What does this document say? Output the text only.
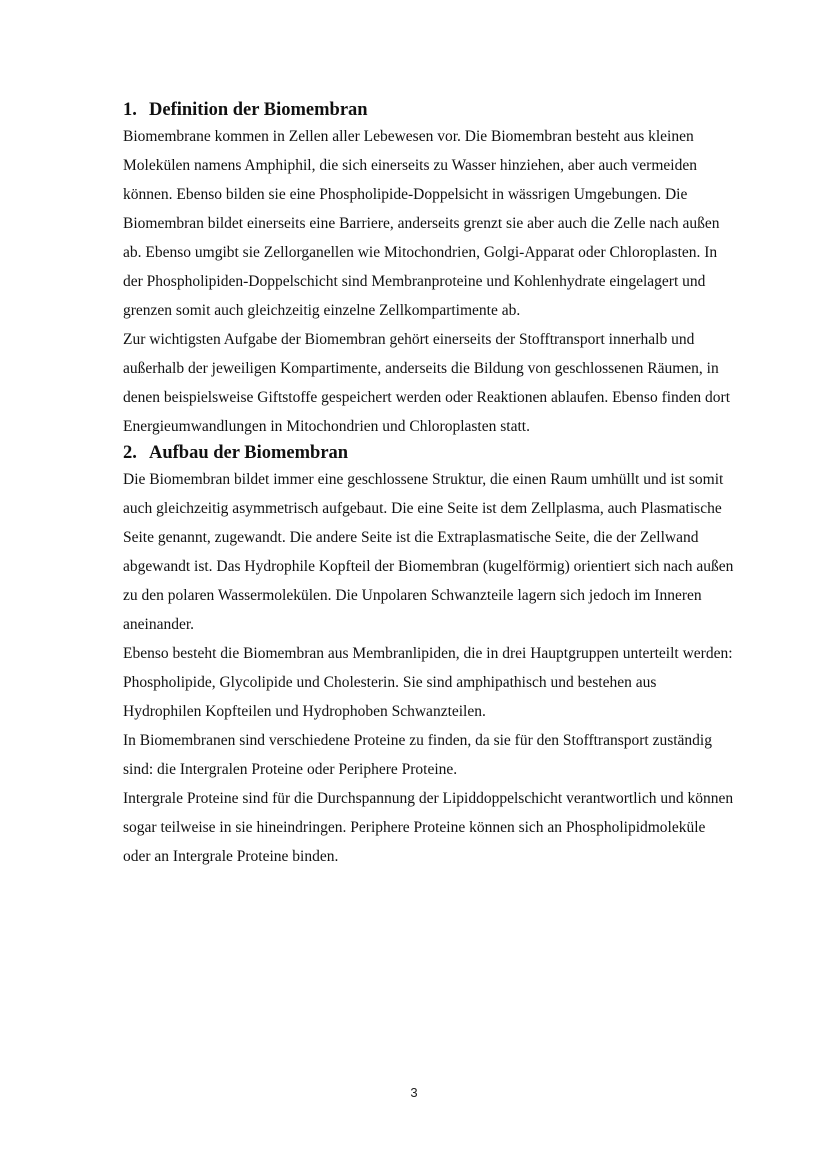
1. Definition der Biomembran

Biomembrane kommen in Zellen aller Lebewesen vor. Die Biomembran besteht aus kleinen Molekülen namens Amphiphil, die sich einerseits zu Wasser hinziehen, aber auch vermeiden können. Ebenso bilden sie eine Phospholipide-Doppelsicht in wässrigen Umgebungen. Die Biomembran bildet einerseits eine Barriere, anderseits grenzt sie aber auch die Zelle nach außen ab. Ebenso umgibt sie Zellorganellen wie Mitochondrien, Golgi-Apparat oder Chloroplasten. In der Phospholipiden-Doppelschicht sind Membranproteine und Kohlenhydrate eingelagert und grenzen somit auch gleichzeitig einzelne Zellkompartimente ab.

Zur wichtigsten Aufgabe der Biomembran gehört einerseits der Stofftransport innerhalb und außerhalb der jeweiligen Kompartimente, anderseits die Bildung von geschlossenen Räumen, in denen beispielsweise Giftstoffe gespeichert werden oder Reaktionen ablaufen. Ebenso finden dort Energieumwandlungen in Mitochondrien und Chloroplasten statt.

2. Aufbau der Biomembran

Die Biomembran bildet immer eine geschlossene Struktur, die einen Raum umhüllt und ist somit auch gleichzeitig asymmetrisch aufgebaut. Die eine Seite ist dem Zellplasma, auch Plasmatische Seite genannt, zugewandt. Die andere Seite ist die Extraplasmatische Seite, die der Zellwand abgewandt ist. Das Hydrophile Kopfteil der Biomembran (kugelförmig) orientiert sich nach außen zu den polaren Wassermolekülen. Die Unpolaren Schwanzteile lagern sich jedoch im Inneren aneinander.

Ebenso besteht die Biomembran aus Membranlipiden, die in drei Hauptgruppen unterteilt werden: Phospholipide, Glycolipide und Cholesterin. Sie sind amphipathisch und bestehen aus Hydrophilen Kopfteilen und Hydrophoben Schwanzteilen.

In Biomembranen sind verschiedene Proteine zu finden, da sie für den Stofftransport zuständig sind: die Intergralen Proteine oder Periphere Proteine.

Intergrale Proteine sind für die Durchspannung der Lipiddoppelschicht verantwortlich und können sogar teilweise in sie hineindringen. Periphere Proteine können sich an Phospholipidmoleküle oder an Intergrale Proteine binden.

3
